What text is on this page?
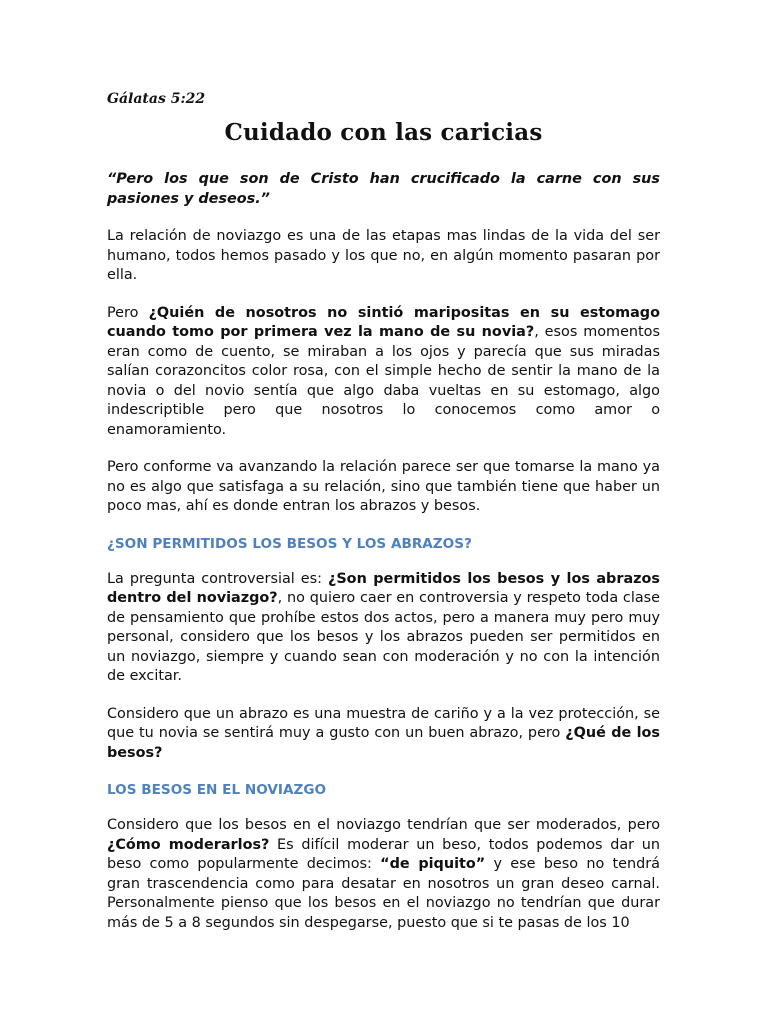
Gálatas 5:22
Cuidado con las caricias

“Pero los que son de Cristo han crucificado la carne con sus pasiones y deseos.”

La relación de noviazgo es una de las etapas mas lindas de la vida del ser humano, todos hemos pasado y los que no, en algún momento pasaran por ella.

Pero ¿Quién de nosotros no sintió maripositas en su estomago cuando tomo por primera vez la mano de su novia?, esos momentos eran como de cuento, se miraban a los ojos y parecía que sus miradas salían corazoncitos color rosa, con el simple hecho de sentir la mano de la novia o del novio sentía que algo daba vueltas en su estomago, algo indescriptible pero que nosotros lo conocemos como amor o enamoramiento.

Pero conforme va avanzando la relación parece ser que tomarse la mano ya no es algo que satisfaga a su relación, sino que también tiene que haber un poco mas, ahí es donde entran los abrazos y besos.

¿SON PERMITIDOS LOS BESOS Y LOS ABRAZOS?

La pregunta controversial es: ¿Son permitidos los besos y los abrazos dentro del noviazgo?, no quiero caer en controversia y respeto toda clase de pensamiento que prohíbe estos dos actos, pero a manera muy pero muy personal, considero que los besos y los abrazos pueden ser permitidos en un noviazgo, siempre y cuando sean con moderación y no con la intención de excitar.

Considero que un abrazo es una muestra de cariño y a la vez protección, se que tu novia se sentirá muy a gusto con un buen abrazo, pero ¿Qué de los besos?

LOS BESOS EN EL NOVIAZGO

Considero que los besos en el noviazgo tendrían que ser moderados, pero ¿Cómo moderarlos? Es difícil moderar un beso, todos podemos dar un beso como popularmente decimos: “de piquito” y ese beso no tendrá gran trascendencia como para desatar en nosotros un gran deseo carnal. Personalmente pienso que los besos en el noviazgo no tendrían que durar más de 5 a 8 segundos sin despegarse, puesto que si te pasas de los 10
